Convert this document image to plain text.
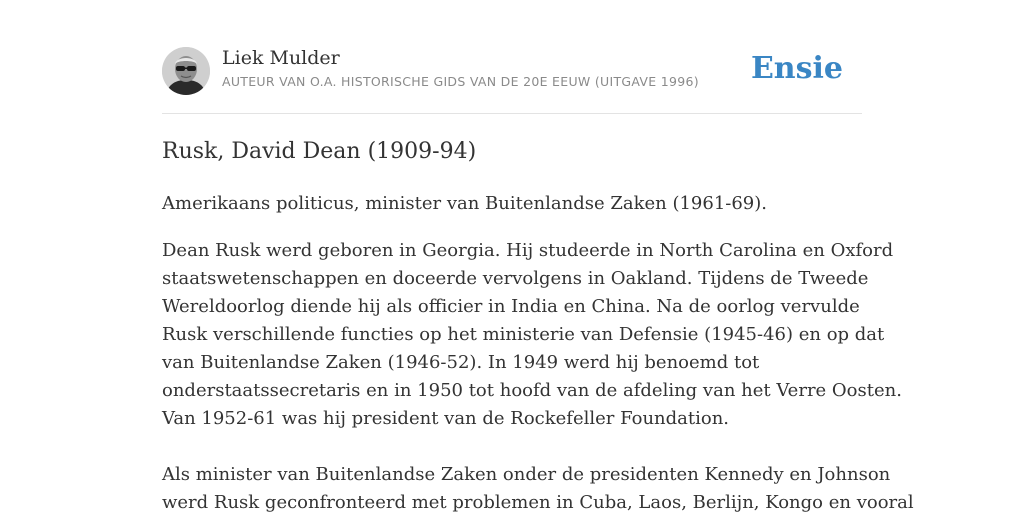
Liek Mulder
AUTEUR VAN O.A. HISTORISCHE GIDS VAN DE 20E EEUW (UITGAVE 1996) Ensie
Rusk, David Dean (1909-94)

Amerikaans politicus, minister van Buitenlandse Zaken (1961-69).

Dean Rusk werd geboren in Georgia. Hij studeerde in North Carolina en Oxford
staatswetenschappen en doceerde vervolgens in Oakland. Tijdens de Tweede
Wereldoorlog diende hij als officier in India en China. Na de oorlog vervulde
Rusk verschillende functies op het ministerie van Defensie (1945-46) en op dat
van Buitenlandse Zaken (1946-52). In 1949 werd hij benoemd tot
onderstaatssecretaris en in 1950 tot hoofd van de afdeling van het Verre Oosten.
Van 1952-61 was hij president van de Rockefeller Foundation.
Als minister van Buitenlandse Zaken onder de presidenten Kennedy en Johnson
werd Rusk geconfronteerd met problemen in Cuba, Laos, Berlijn, Kongo en vooral
